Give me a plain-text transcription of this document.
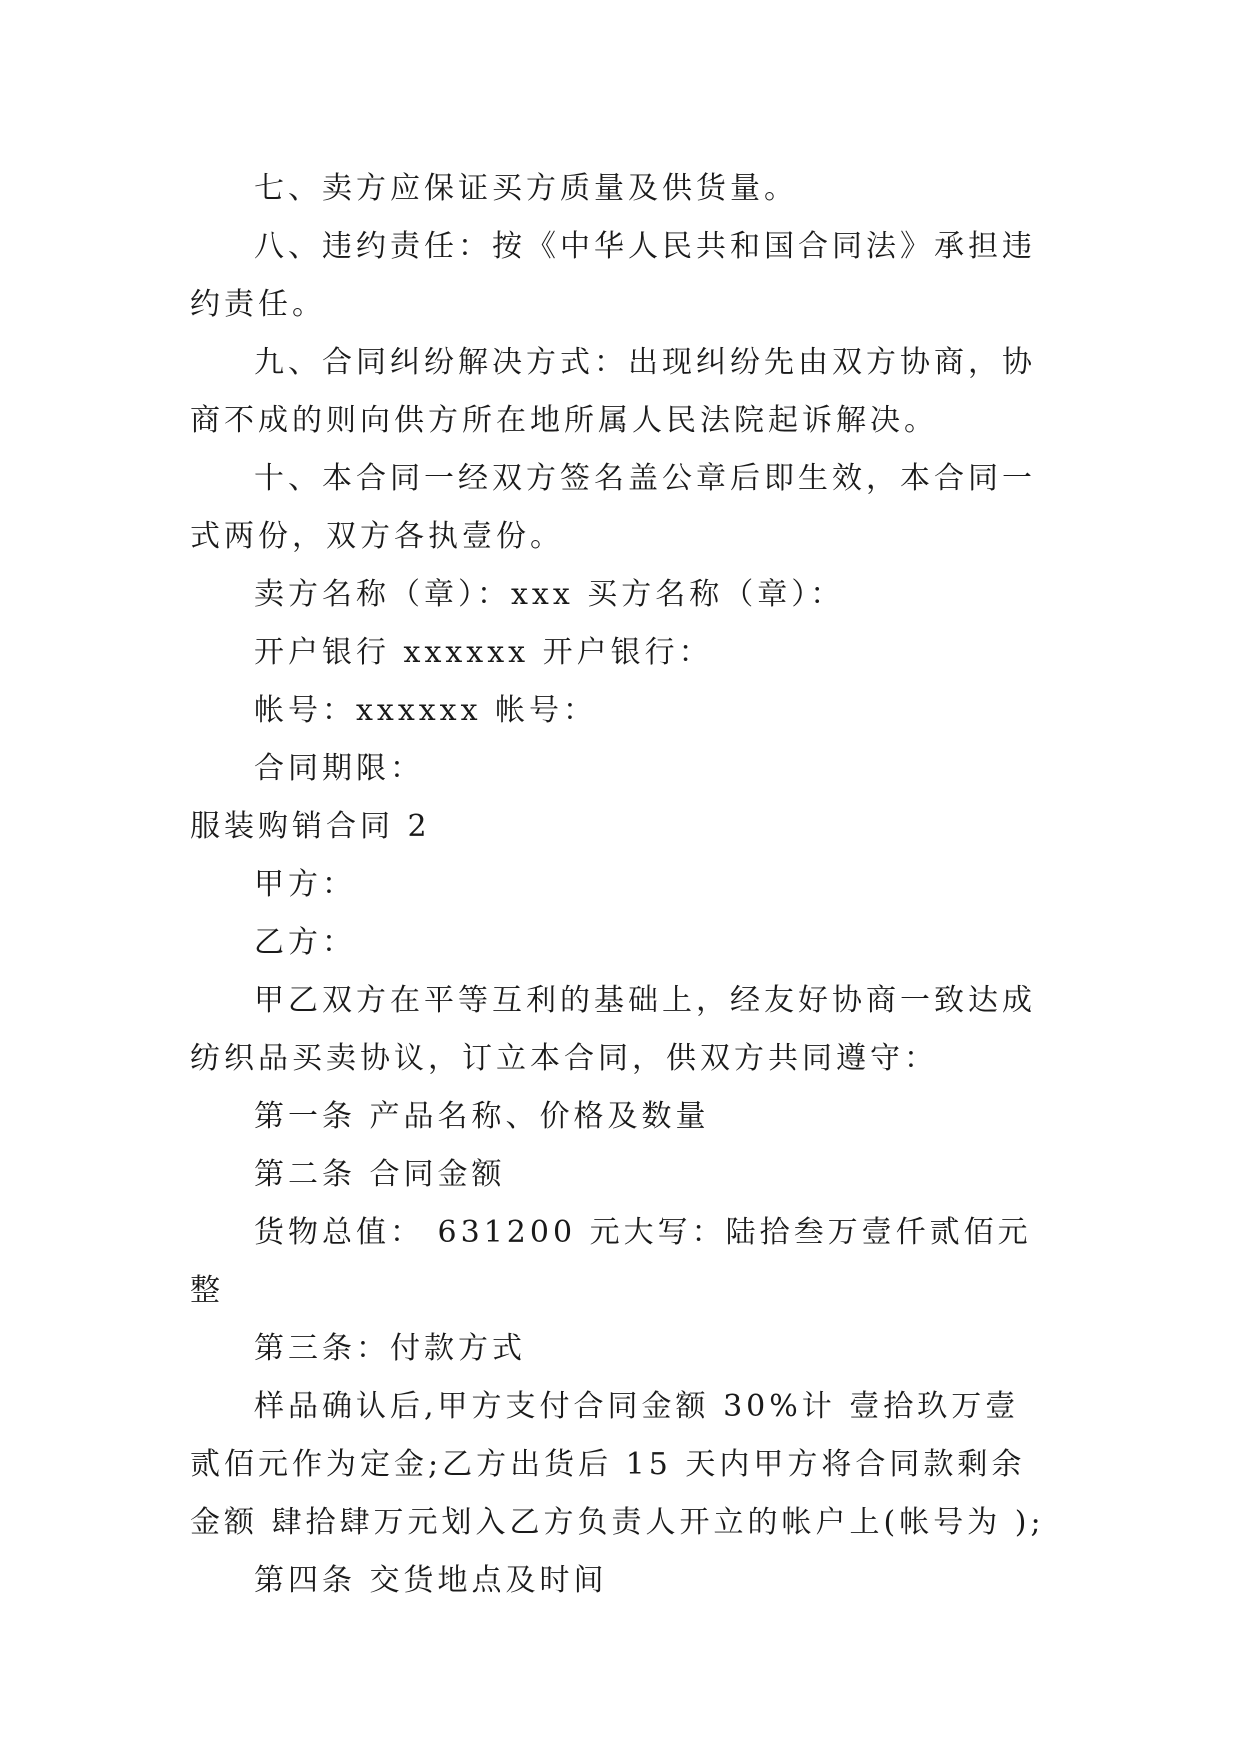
七、卖方应保证买方质量及供货量。

八、违约责任：按《中华人民共和国合同法》承担违约责任。

九、合同纠纷解决方式：出现纠纷先由双方协商，协商不成的则向供方所在地所属人民法院起诉解决。

十、本合同一经双方签名盖公章后即生效，本合同一式两份，双方各执壹份。

卖方名称（章）：xxx 买方名称（章）：

开户银行 xxxxxx 开户银行：

帐号：xxxxxx 帐号：

合同期限：

服装购销合同 2

甲方：

乙方：

甲乙双方在平等互利的基础上，经友好协商一致达成纺织品买卖协议，订立本合同，供双方共同遵守：

第一条 产品名称、价格及数量

第二条 合同金额

货物总值： 631200 元大写：陆拾叁万壹仟贰佰元整

第三条：付款方式

样品确认后,甲方支付合同金额 30%计 壹拾玖万壹贰佰元作为定金;乙方出货后 15 天内甲方将合同款剩余金额 肆拾肆万元划入乙方负责人开立的帐户上(帐号为 );

第四条 交货地点及时间
